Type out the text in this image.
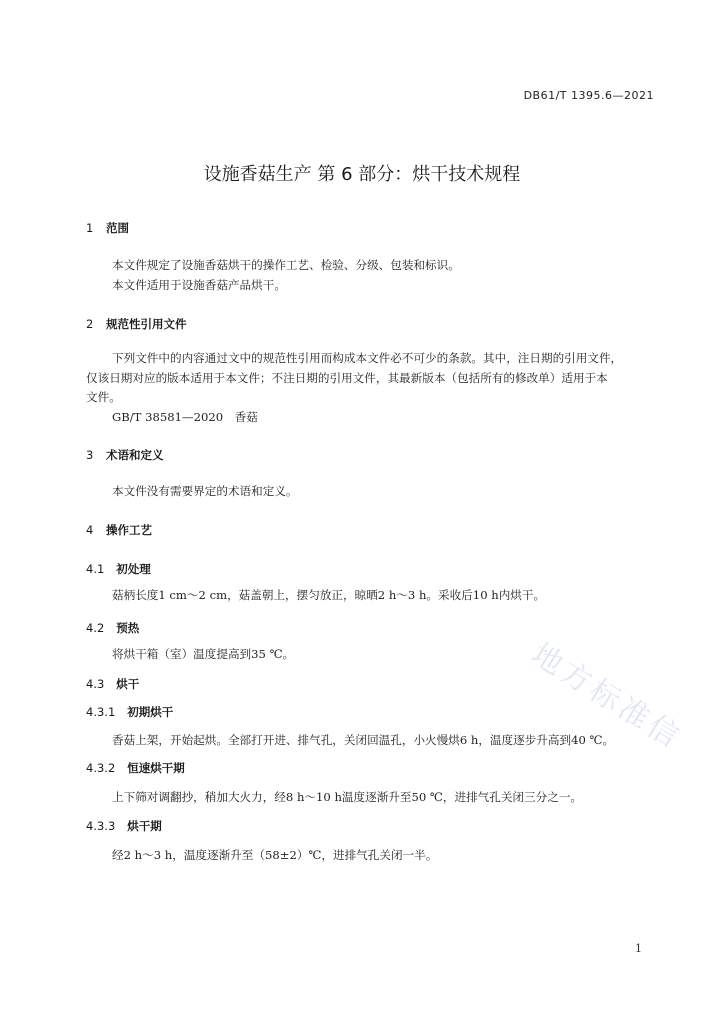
DB61/T 1395.6—2021
设施香菇生产 第 6 部分：烘干技术规程
1 范围
本文件规定了设施香菇烘干的操作工艺、检验、分级、包装和标识。
本文件适用于设施香菇产品烘干。
2 规范性引用文件
下列文件中的内容通过文中的规范性引用而构成本文件必不可少的条款。其中，注日期的引用文件，
仅该日期对应的版本适用于本文件；不注日期的引用文件，其最新版本（包括所有的修改单）适用于本
文件。
GB/T 38581—2020　香菇
3 术语和定义
本文件没有需要界定的术语和定义。
4 操作工艺
4.1 初处理
菇柄长度1 cm～2 cm，菇盖朝上，摆匀放正，晾晒2 h～3 h。采收后10 h内烘干。
4.2 预热
将烘干箱（室）温度提高到35 ℃。
4.3 烘干
4.3.1 初期烘干
香菇上架，开始起烘。全部打开进、排气孔，关闭回温孔，小火慢烘6 h，温度逐步升高到40 ℃。
4.3.2 恒速烘干期
上下筛对调翻抄，稍加大火力，经8 h～10 h温度逐渐升至50 ℃，进排气孔关闭三分之一。
4.3.3 烘干期
经2 h～3 h，温度逐渐升至（58±2）℃，进排气孔关闭一半。
地方标准信
1
